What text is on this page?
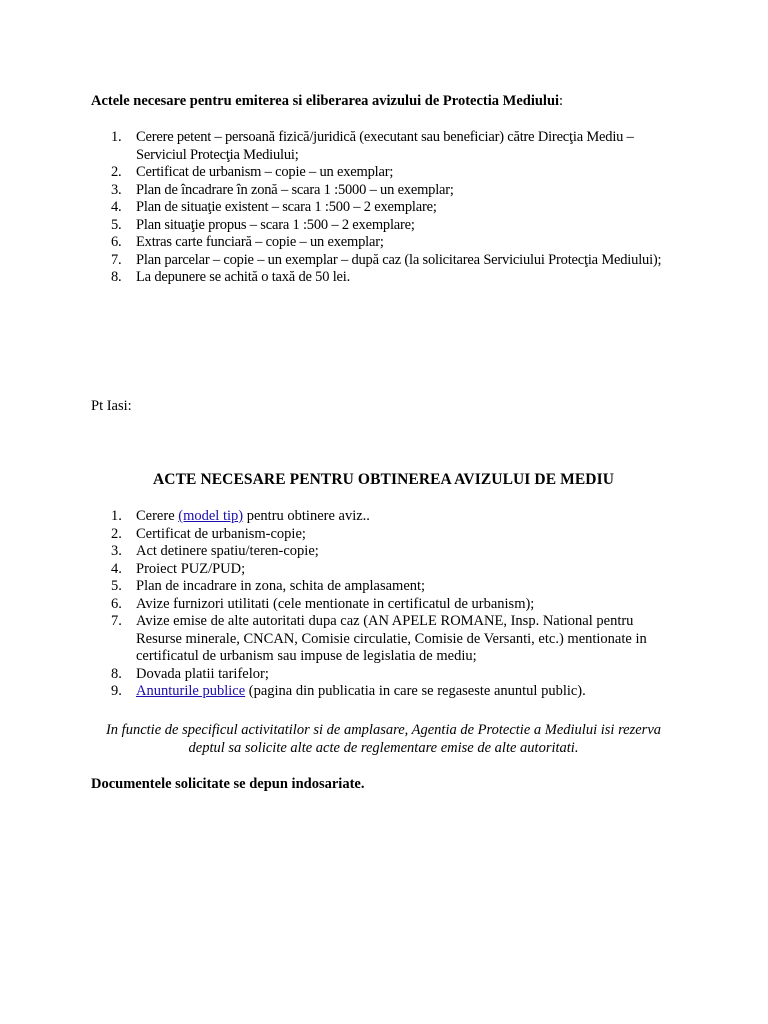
Actele necesare pentru emiterea si eliberarea avizului de Protectia Mediului:
1.	Cerere petent – persoană fizică/juridică (executant sau beneficiar) către Direcţia Mediu – Serviciul Protecţia Mediului;
2.	Certificat de urbanism – copie – un exemplar;
3.	Plan de încadrare în zonă – scara 1 :5000 – un exemplar;
4.	Plan de situaţie existent – scara 1 :500 – 2 exemplare;
5.	Plan situaţie propus – scara 1 :500 – 2 exemplare;
6.	Extras carte funciară – copie – un exemplar;
7.	Plan parcelar – copie – un exemplar – după caz (la solicitarea Serviciului Protecţia Mediului);
8.	La depunere se achită o taxă de 50 lei.
Pt Iasi:
ACTE NECESARE PENTRU OBTINEREA AVIZULUI DE MEDIU
1. Cerere (model tip) pentru obtinere aviz..
2. Certificat de urbanism-copie;
3. Act detinere spatiu/teren-copie;
4. Proiect PUZ/PUD;
5. Plan de incadrare in zona, schita de amplasament;
6. Avize furnizori utilitati (cele mentionate in certificatul de urbanism);
7. Avize emise de alte autoritati dupa caz (AN APELE ROMANE, Insp. National pentru Resurse minerale, CNCAN, Comisie circulatie, Comisie de Versanti, etc.) mentionate in certificatul de urbanism sau impuse de legislatia de mediu;
8. Dovada platii tarifelor;
9. Anunturile publice (pagina din publicatia in care se regaseste anuntul public).
In functie de specificul activitatilor si de amplasare, Agentia de Protectie a Mediului isi rezerva deptul sa solicite alte acte de reglementare emise de alte autoritati.
Documentele solicitate se depun indosariate.
